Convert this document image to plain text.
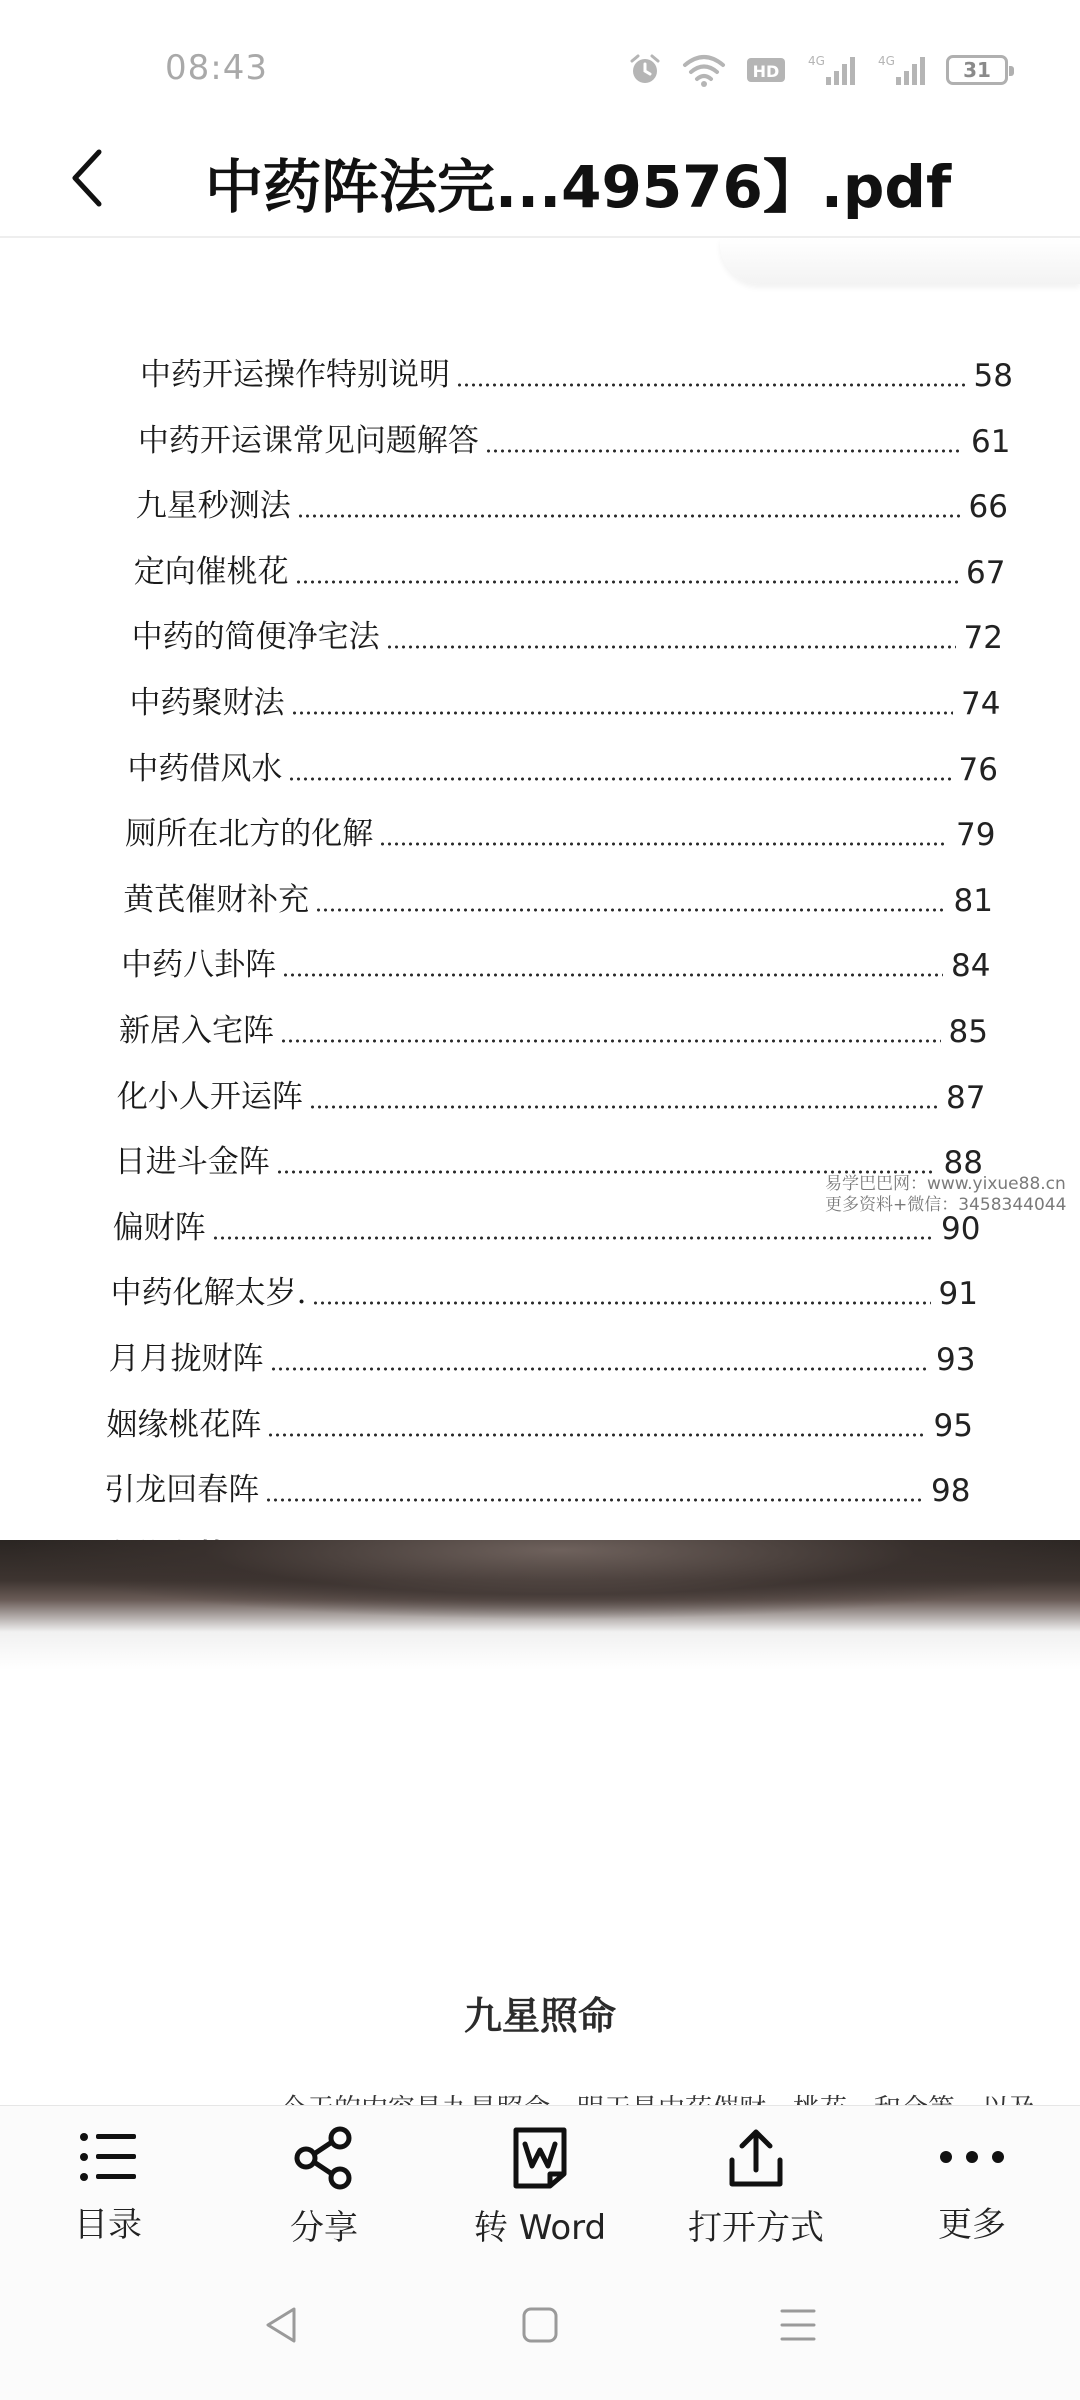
08:43	HD
4G	4G	31
中药阵法完...49576】.pdf
中药开运操作特别说明	58
中药开运课常见问题解答	61
九星秒测法	66
定向催桃花	67
中药的简便净宅法	72
中药聚财法	74
中药借风水	76
厕所在北方的化解	79
黄芪催财补充	81
中药八卦阵	84
新居入宅阵	85
化小人开运阵	87
日进斗金阵	88
偏财阵	90
中药化解太岁.	91
月月拢财阵	93
姻缘桃花阵	95
引龙回春阵	98
易学巴巴网：www.yixue88.cn
更多资料+微信：3458344044
九星照命
目录	分享	转 Word 打开方式	更多
